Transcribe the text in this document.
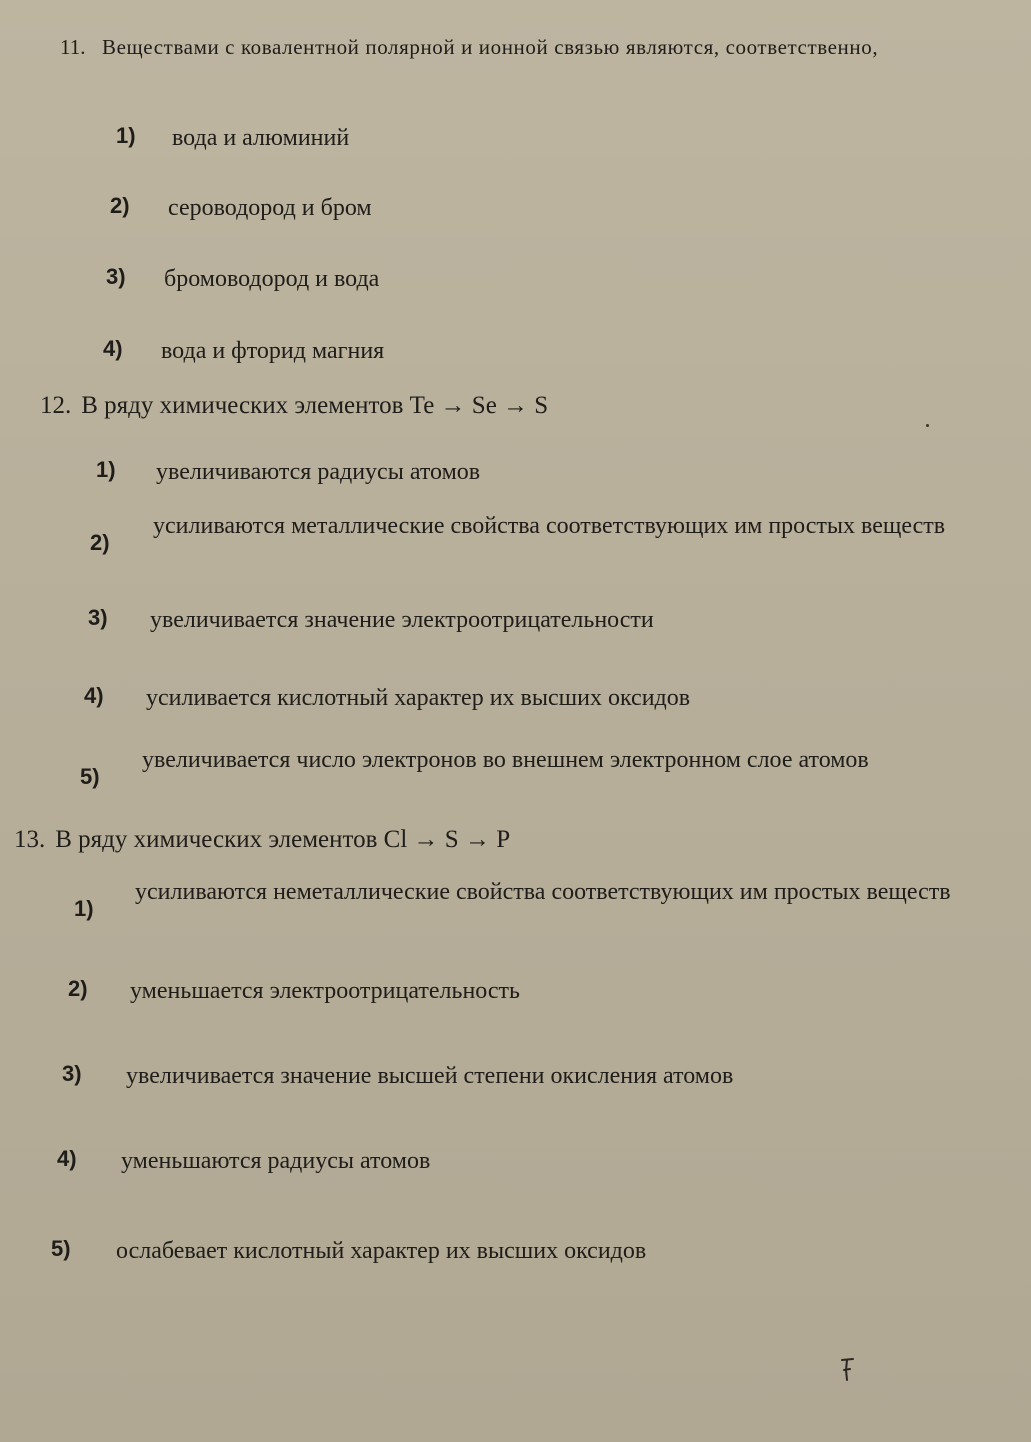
11. Веществами с ковалентной полярной и ионной связью являются, соответственно,
1) вода и алюминий
2) сероводород и бром
3) бромоводород и вода
4) вода и фторид магния
12. В ряду химических элементов Te → Se → S
1) увеличиваются радиусы атомов
2)
усиливаются металлические свойства соответствующих им простых веществ
3) увеличивается значение электроотрицательности
4) усиливается кислотный характер их высших оксидов
5)
увеличивается число электронов во внешнем электронном слое атомов
13. В ряду химических элементов Cl → S → P
1)
усиливаются неметаллические свойства соответствующих им простых веществ
2) уменьшается электроотрицательность
3) увеличивается значение высшей степени окисления атомов
4) уменьшаются радиусы атомов
5) ослабевает кислотный характер их высших оксидов
